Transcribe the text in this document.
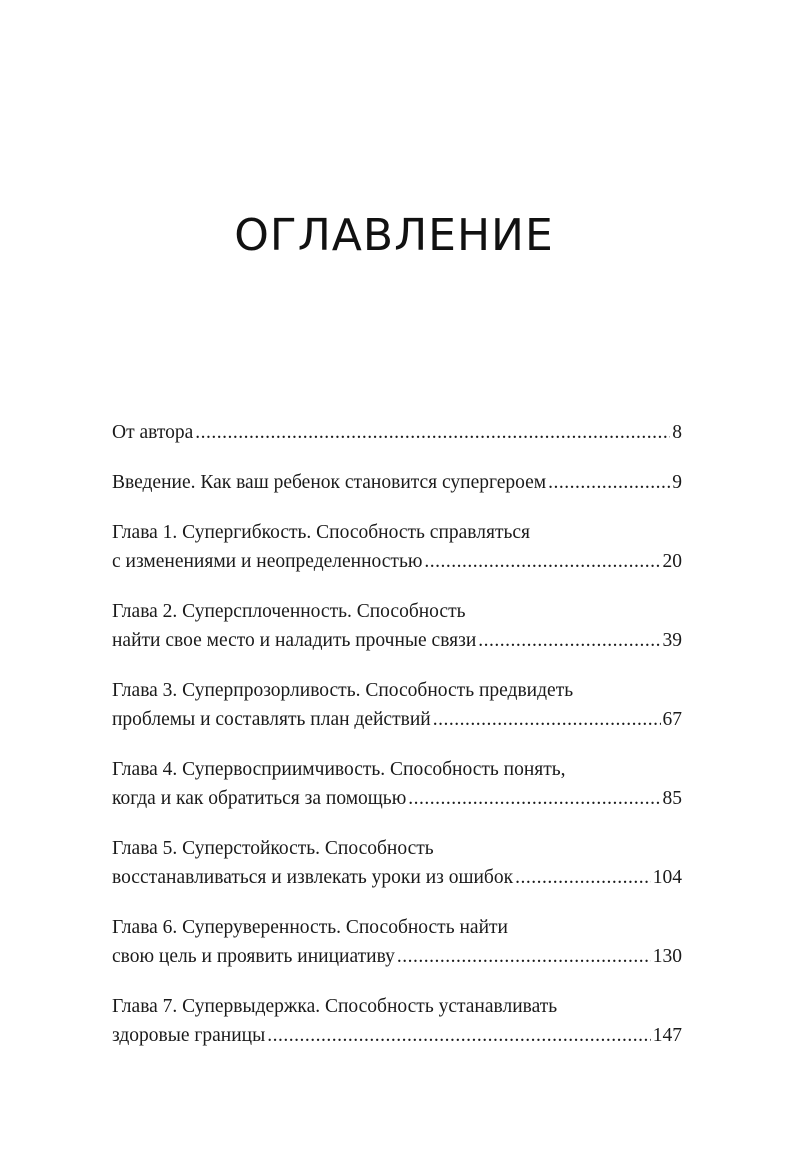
ОГЛАВЛЕНИЕ
От автора .....	8
Введение. Как ваш ребенок становится супергероем .....	9
Глава 1. Супергибкость. Способность справляться
с изменениями и неопределенностью .....	20
Глава 2. Суперсплоченность. Способность
найти свое место и наладить прочные связи .....	39
Глава 3. Суперпрозорливость. Способность предвидеть
проблемы и составлять план действий .....	67
Глава 4. Супервосприимчивость. Способность понять,
когда и как обратиться за помощью .....	85
Глава 5. Суперстойкость. Способность
восстанавливаться и извлекать уроки из ошибок .....	104
Глава 6. Суперуверенность. Способность найти
свою цель и проявить инициативу .....	130
Глава 7. Супервыдержка. Способность устанавливать
здоровые границы .....	147
